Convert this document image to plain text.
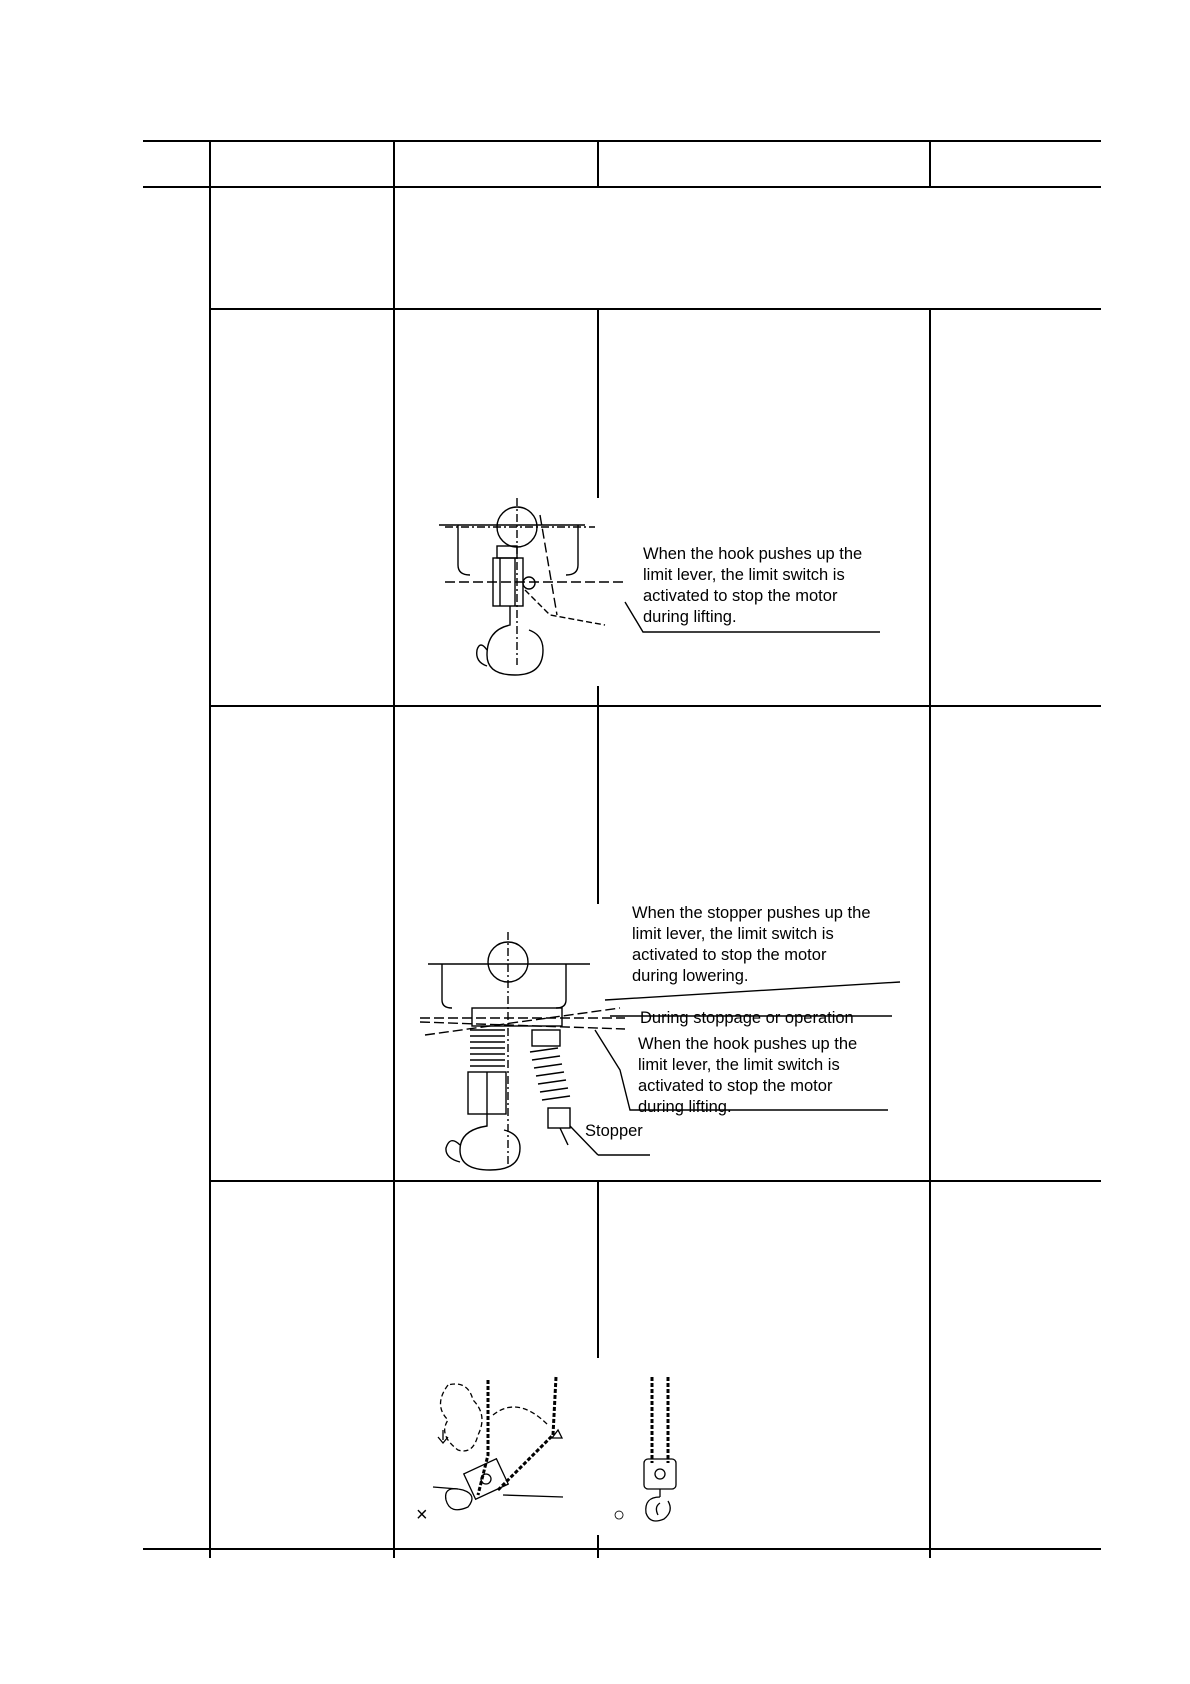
When the hook pushes up the
limit lever, the limit switch is
activated to stop the motor
during lifting.
When the stopper pushes up the
limit lever, the limit switch is
activated to stop the motor
during lowering.
During stoppage or operation
When the hook pushes up the
limit lever, the limit switch is
activated to stop the motor
during lifting.
Stopper
×	○
